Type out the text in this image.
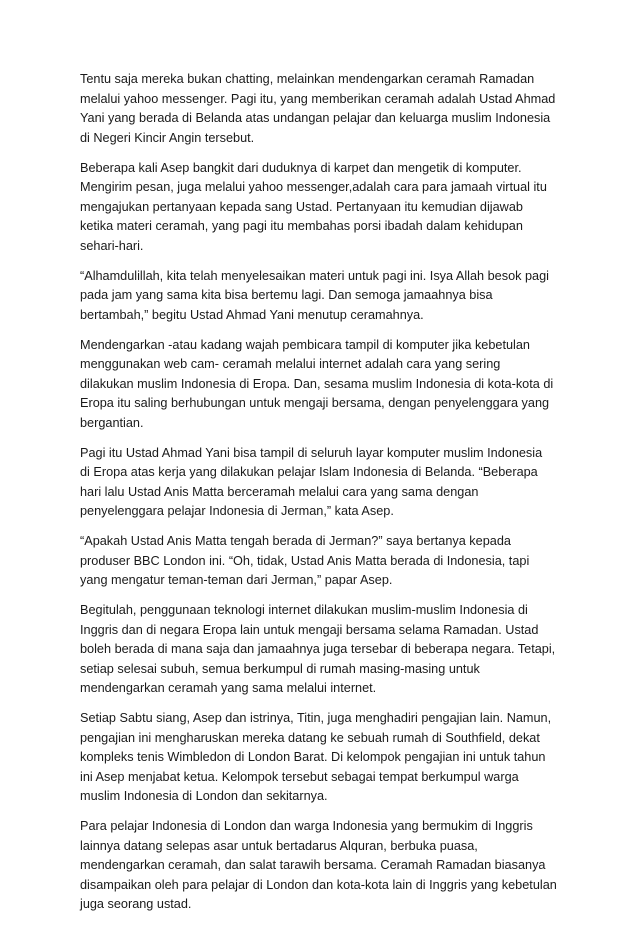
Tentu saja mereka bukan chatting, melainkan mendengarkan ceramah Ramadan
melalui yahoo messenger. Pagi itu, yang memberikan ceramah adalah Ustad Ahmad
Yani yang berada di Belanda atas undangan pelajar dan keluarga muslim Indonesia
di Negeri Kincir Angin tersebut.

Beberapa kali Asep bangkit dari duduknya di karpet dan mengetik di komputer.
Mengirim pesan, juga melalui yahoo messenger,adalah cara para jamaah virtual itu
mengajukan pertanyaan kepada sang Ustad. Pertanyaan itu kemudian dijawab
ketika materi ceramah, yang pagi itu membahas porsi ibadah dalam kehidupan
sehari-hari.

“Alhamdulillah, kita telah menyelesaikan materi untuk pagi ini. Isya Allah besok pagi
pada jam yang sama kita bisa bertemu lagi. Dan semoga jamaahnya bisa
bertambah,” begitu Ustad Ahmad Yani menutup ceramahnya.

Mendengarkan -atau kadang wajah pembicara tampil di komputer jika kebetulan
menggunakan web cam- ceramah melalui internet adalah cara yang sering
dilakukan muslim Indonesia di Eropa. Dan, sesama muslim Indonesia di kota-kota di
Eropa itu saling berhubungan untuk mengaji bersama, dengan penyelenggara yang
bergantian.

Pagi itu Ustad Ahmad Yani bisa tampil di seluruh layar komputer muslim Indonesia
di Eropa atas kerja yang dilakukan pelajar Islam Indonesia di Belanda. “Beberapa
hari lalu Ustad Anis Matta berceramah melalui cara yang sama dengan
penyelenggara pelajar Indonesia di Jerman,” kata Asep.

“Apakah Ustad Anis Matta tengah berada di Jerman?” saya bertanya kepada
produser BBC London ini. “Oh, tidak, Ustad Anis Matta berada di Indonesia, tapi
yang mengatur teman-teman dari Jerman,” papar Asep.

Begitulah, penggunaan teknologi internet dilakukan muslim-muslim Indonesia di
Inggris dan di negara Eropa lain untuk mengaji bersama selama Ramadan. Ustad
boleh berada di mana saja dan jamaahnya juga tersebar di beberapa negara. Tetapi,
setiap selesai subuh, semua berkumpul di rumah masing-masing untuk
mendengarkan ceramah yang sama melalui internet.

Setiap Sabtu siang, Asep dan istrinya, Titin, juga menghadiri pengajian lain. Namun,
pengajian ini mengharuskan mereka datang ke sebuah rumah di Southfield, dekat
kompleks tenis Wimbledon di London Barat. Di kelompok pengajian ini untuk tahun
ini Asep menjabat ketua. Kelompok tersebut sebagai tempat berkumpul warga
muslim Indonesia di London dan sekitarnya.

Para pelajar Indonesia di London dan warga Indonesia yang bermukim di Inggris
lainnya datang selepas asar untuk bertadarus Alquran, berbuka puasa,
mendengarkan ceramah, dan salat tarawih bersama. Ceramah Ramadan biasanya
disampaikan oleh para pelajar di London dan kota-kota lain di Inggris yang kebetulan
juga seorang ustad.
